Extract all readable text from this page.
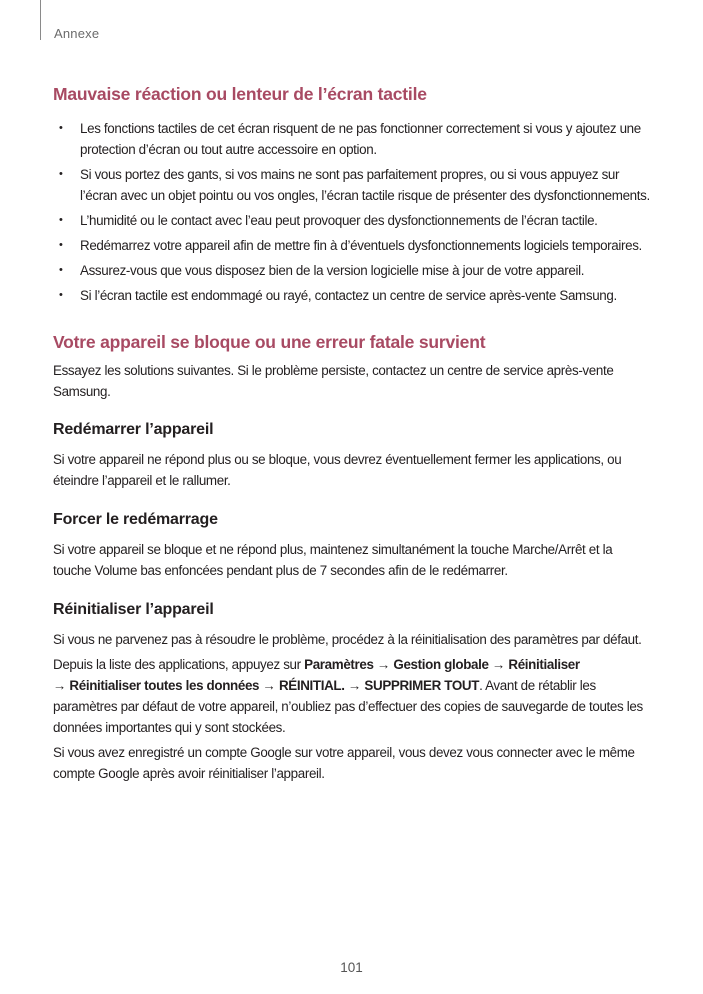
Annexe
Mauvaise réaction ou lenteur de l’écran tactile
• Les fonctions tactiles de cet écran risquent de ne pas fonctionner correctement si vous y ajoutez une protection d’écran ou tout autre accessoire en option.
• Si vous portez des gants, si vos mains ne sont pas parfaitement propres, ou si vous appuyez sur l’écran avec un objet pointu ou vos ongles, l’écran tactile risque de présenter des dysfonctionnements.
• L’humidité ou le contact avec l’eau peut provoquer des dysfonctionnements de l’écran tactile.
• Redémarrez votre appareil afin de mettre fin à d’éventuels dysfonctionnements logiciels temporaires.
• Assurez-vous que vous disposez bien de la version logicielle mise à jour de votre appareil.
• Si l’écran tactile est endommagé ou rayé, contactez un centre de service après-vente Samsung.
Votre appareil se bloque ou une erreur fatale survient

Essayez les solutions suivantes. Si le problème persiste, contactez un centre de service après-vente Samsung.

Redémarrer l’appareil

Si votre appareil ne répond plus ou se bloque, vous devrez éventuellement fermer les applications, ou éteindre l’appareil et le rallumer.

Forcer le redémarrage

Si votre appareil se bloque et ne répond plus, maintenez simultanément la touche Marche/Arrêt et la touche Volume bas enfoncées pendant plus de 7 secondes afin de le redémarrer.

Réinitialiser l’appareil

Si vous ne parvenez pas à résoudre le problème, procédez à la réinitialisation des paramètres par défaut.

Depuis la liste des applications, appuyez sur Paramètres → Gestion globale → Réinitialiser
→ Réinitialiser toutes les données → RÉINITIAL. → SUPPRIMER TOUT. Avant de rétablir les paramètres par défaut de votre appareil, n’oubliez pas d’effectuer des copies de sauvegarde de toutes les données importantes qui y sont stockées.

Si vous avez enregistré un compte Google sur votre appareil, vous devez vous connecter avec le même compte Google après avoir réinitialiser l’appareil.

101
